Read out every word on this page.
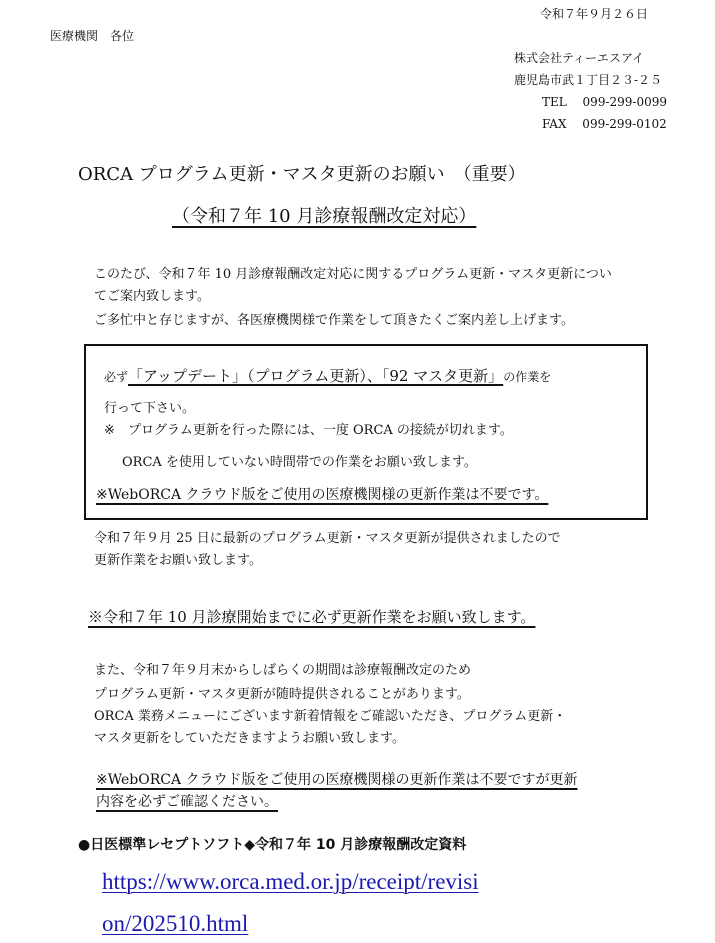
令和７年９月２６日
医療機関　各位
株式会社ティーエスアイ
鹿児島市武１丁目２３-２５
TEL　 099-299-0099
FAX　 099-299-0102
ORCA プログラム更新・マスタ更新のお願い　（重要）
（令和７年 10 月診療報酬改定対応）
このたび、令和７年 10 月診療報酬改定対応に関するプログラム更新・マスタ更新につい
てご案内致します。
ご多忙中と存じますが、各医療機関様で作業をして頂きたくご案内差し上げます。
必ず「アップデート」（プログラム更新）、「92 マスタ更新」の作業を
行って下さい。
※ プログラム更新を行った際には、一度 ORCA の接続が切れます。
ORCA を使用していない時間帯での作業をお願い致します。
※WebORCA クラウド版をご使用の医療機関様の更新作業は不要です。
令和７年９月 25 日に最新のプログラム更新・マスタ更新が提供されましたので
更新作業をお願い致します。
※令和７年 10 月診療開始までに必ず更新作業をお願い致します。
また、令和７年９月末からしばらくの期間は診療報酬改定のため
プログラム更新・マスタ更新が随時提供されることがあります。
ORCA 業務メニューにございます新着情報をご確認いただき、プログラム更新・
マスタ更新をしていただきますようお願い致します。
※WebORCA クラウド版をご使用の医療機関様の更新作業は不要ですが更新
内容を必ずご確認ください。
●日医標準レセプトソフト◆令和７年 10 月診療報酬改定資料
https://www.orca.med.or.jp/receipt/revisi
on/202510.html
